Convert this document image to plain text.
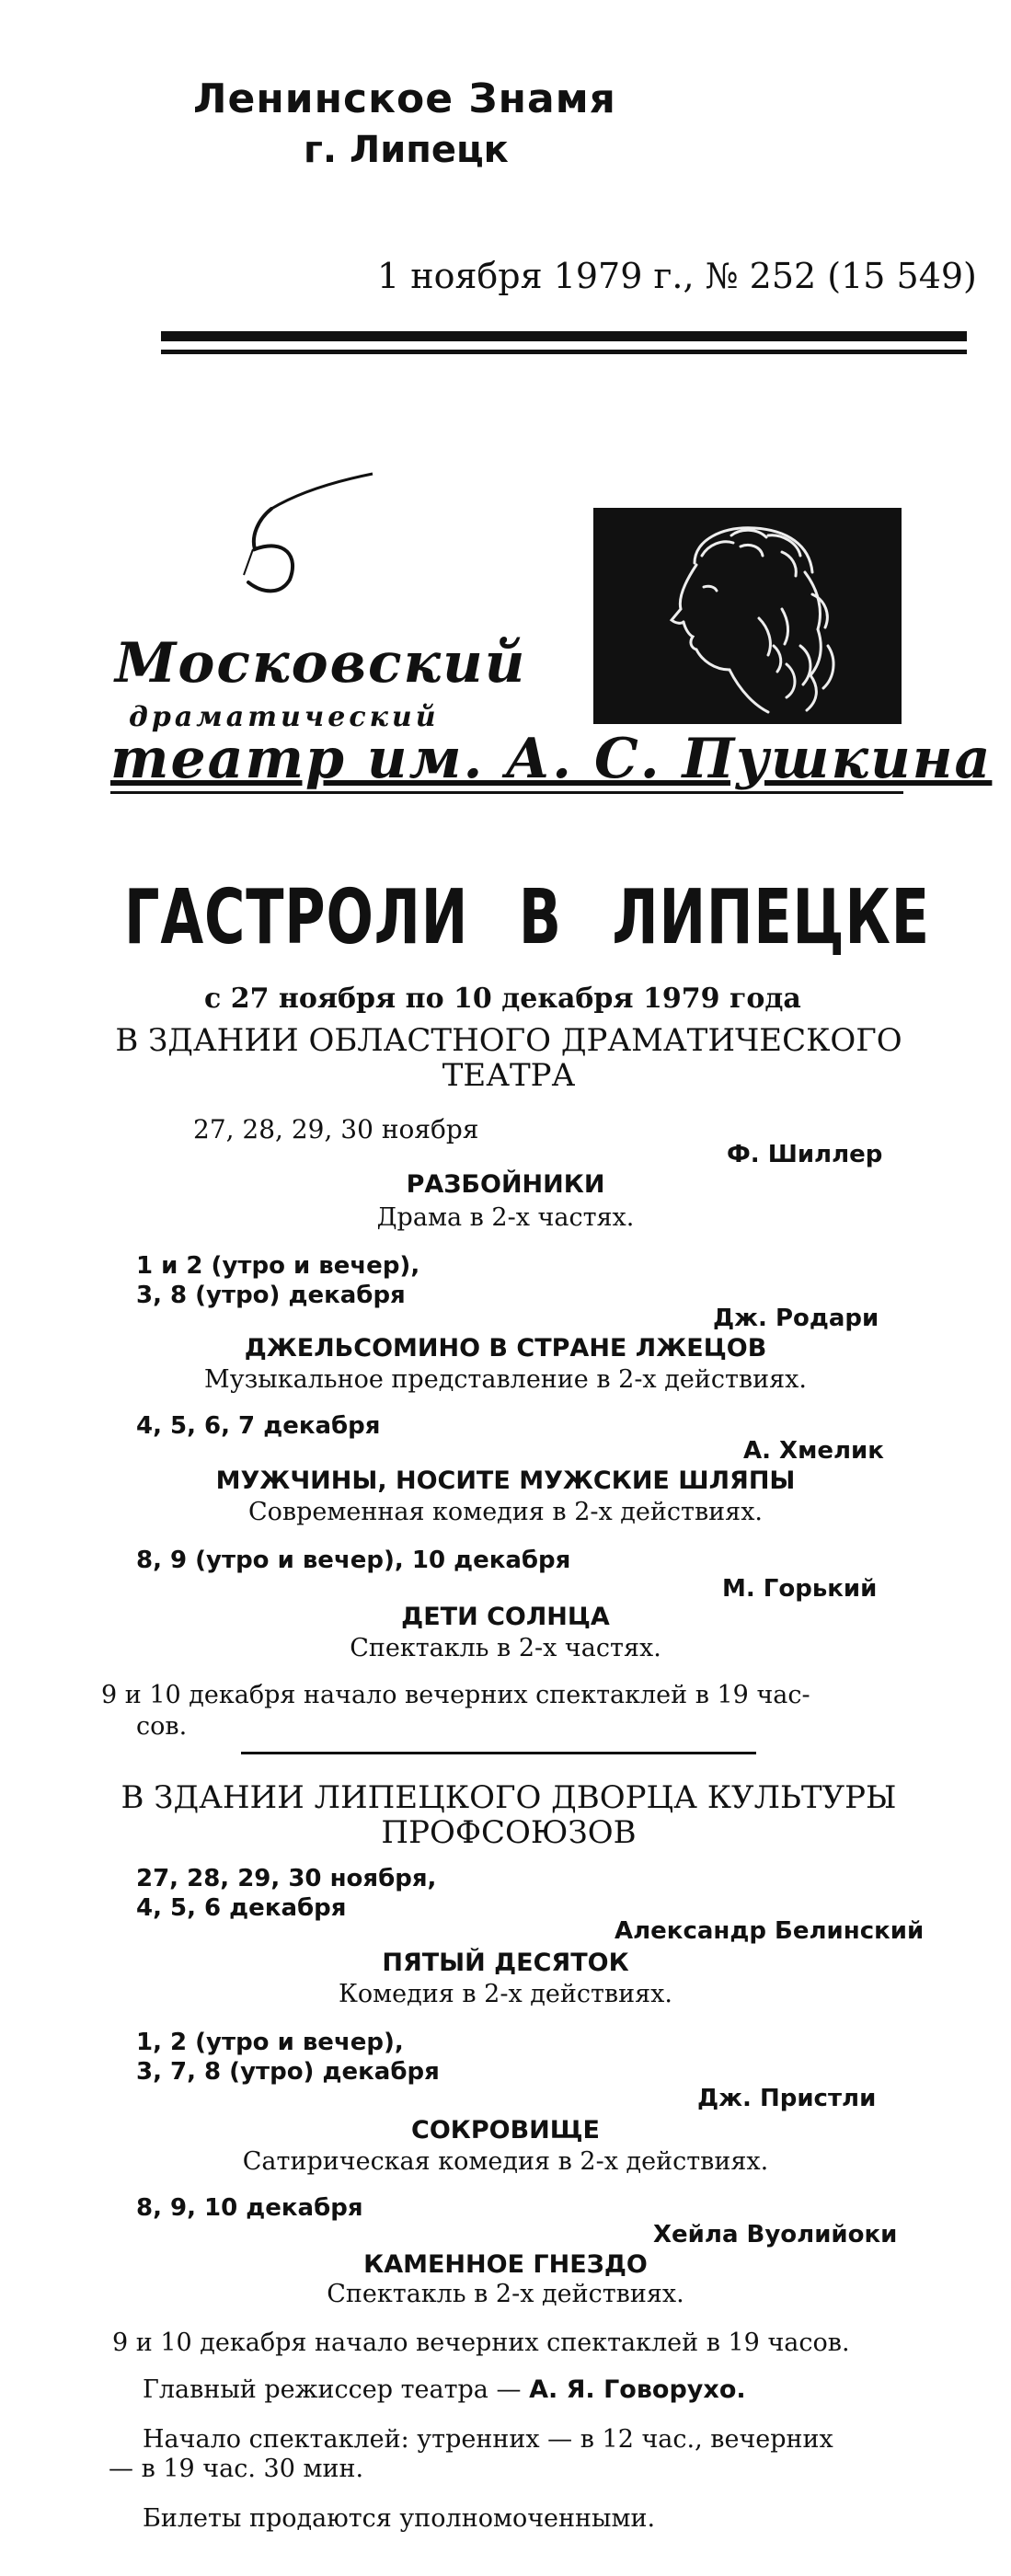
Ленинское Знамя
г. Липецк
1 ноября 1979 г., № 252 (15 549)
Московский
драматический
театр им. А. С. Пушкина
ГАСТРОЛИ В ЛИПЕЦКЕ
с 27 ноября по 10 декабря 1979 года
В ЗДАНИИ ОБЛАСТНОГО ДРАМАТИЧЕСКОГО ТЕАТРА
27, 28, 29, 30 ноября
Ф. Шиллер
РАЗБОЙНИКИ
Драма в 2-х частях.
1 и 2 (утро и вечер),
3, 8 (утро) декабря
Дж. Родари
ДЖЕЛЬСОМИНО В СТРАНЕ ЛЖЕЦОВ
Музыкальное представление в 2-х действиях.
4, 5, 6, 7 декабря
А. Хмелик
МУЖЧИНЫ, НОСИТЕ МУЖСКИЕ ШЛЯПЫ
Современная комедия в 2-х действиях.
8, 9 (утро и вечер), 10 декабря
М. Горький
ДЕТИ СОЛНЦА
Спектакль в 2-х частях.
9 и 10 декабря начало вечерних спектаклей в 19 час-
сов.
В ЗДАНИИ ЛИПЕЦКОГО ДВОРЦА КУЛЬТУРЫ ПРОФСОЮЗОВ
27, 28, 29, 30 ноября,
4, 5, 6 декабря
Александр Белинский
ПЯТЫЙ ДЕСЯТОК
Комедия в 2-х действиях.
1, 2 (утро и вечер),
3, 7, 8 (утро) декабря
Дж. Пристли
СОКРОВИЩЕ
Сатирическая комедия в 2-х действиях.
8, 9, 10 декабря
Хейла Вуолийоки
КАМЕННОЕ ГНЕЗДО
Спектакль в 2-х действиях.
9 и 10 декабря начало вечерних спектаклей в 19 часов.
Главный режиссер театра — А. Я. Говорухо.
Начало спектаклей: утренних — в 12 час., вечерних
— в 19 час. 30 мин.
Билеты продаются уполномоченными.
